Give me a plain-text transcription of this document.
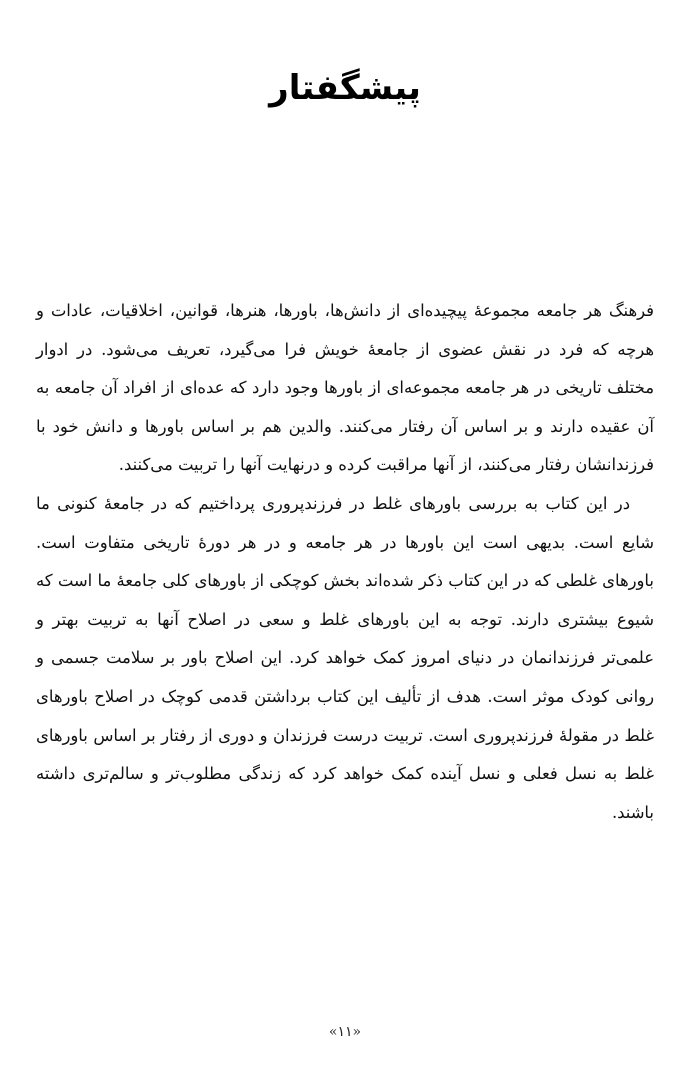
پیشگفتار

فرهنگ هر جامعه مجموعهٔ پیچیده‌ای از دانش‌ها، باورها، هنرها، قوانین، اخلاقیات، عادات و هرچه که فرد در نقش عضوی از جامعهٔ خویش فرا می‌گیرد، تعریف می‌شود. در ادوار مختلف تاریخی در هر جامعه مجموعه‌ای از باورها وجود دارد که عده‌ای از افراد آن جامعه به آن عقیده دارند و بر اساس آن رفتار می‌کنند. والدین هم بر اساس باورها و دانش خود با فرزندانشان رفتار می‌کنند، از آنها مراقبت کرده و درنهایت آنها را تربیت می‌کنند.

در این کتاب به بررسی باورهای غلط در فرزندپروری پرداختیم که در جامعهٔ کنونی ما شایع است. بدیهی است این باورها در هر جامعه و در هر دورهٔ تاریخی متفاوت است. باورهای غلطی که در این کتاب ذکر شده‌اند بخش کوچکی از باورهای کلی جامعهٔ ما است که شیوع بیشتری دارند. توجه به این باورهای غلط و سعی در اصلاح آنها به تربیت بهتر و علمی‌تر فرزندانمان در دنیای امروز کمک خواهد کرد. این اصلاح باور بر سلامت جسمی و روانی کودک موثر است. هدف از تألیف این کتاب برداشتن قدمی کوچک در اصلاح باورهای غلط در مقولهٔ فرزندپروری است. تربیت درست فرزندان و دوری از رفتار بر اساس باورهای غلط به نسل فعلی و نسل آینده کمک خواهد کرد که زندگی مطلوب‌تر و سالم‌تری داشته باشند.

«۱۱»
